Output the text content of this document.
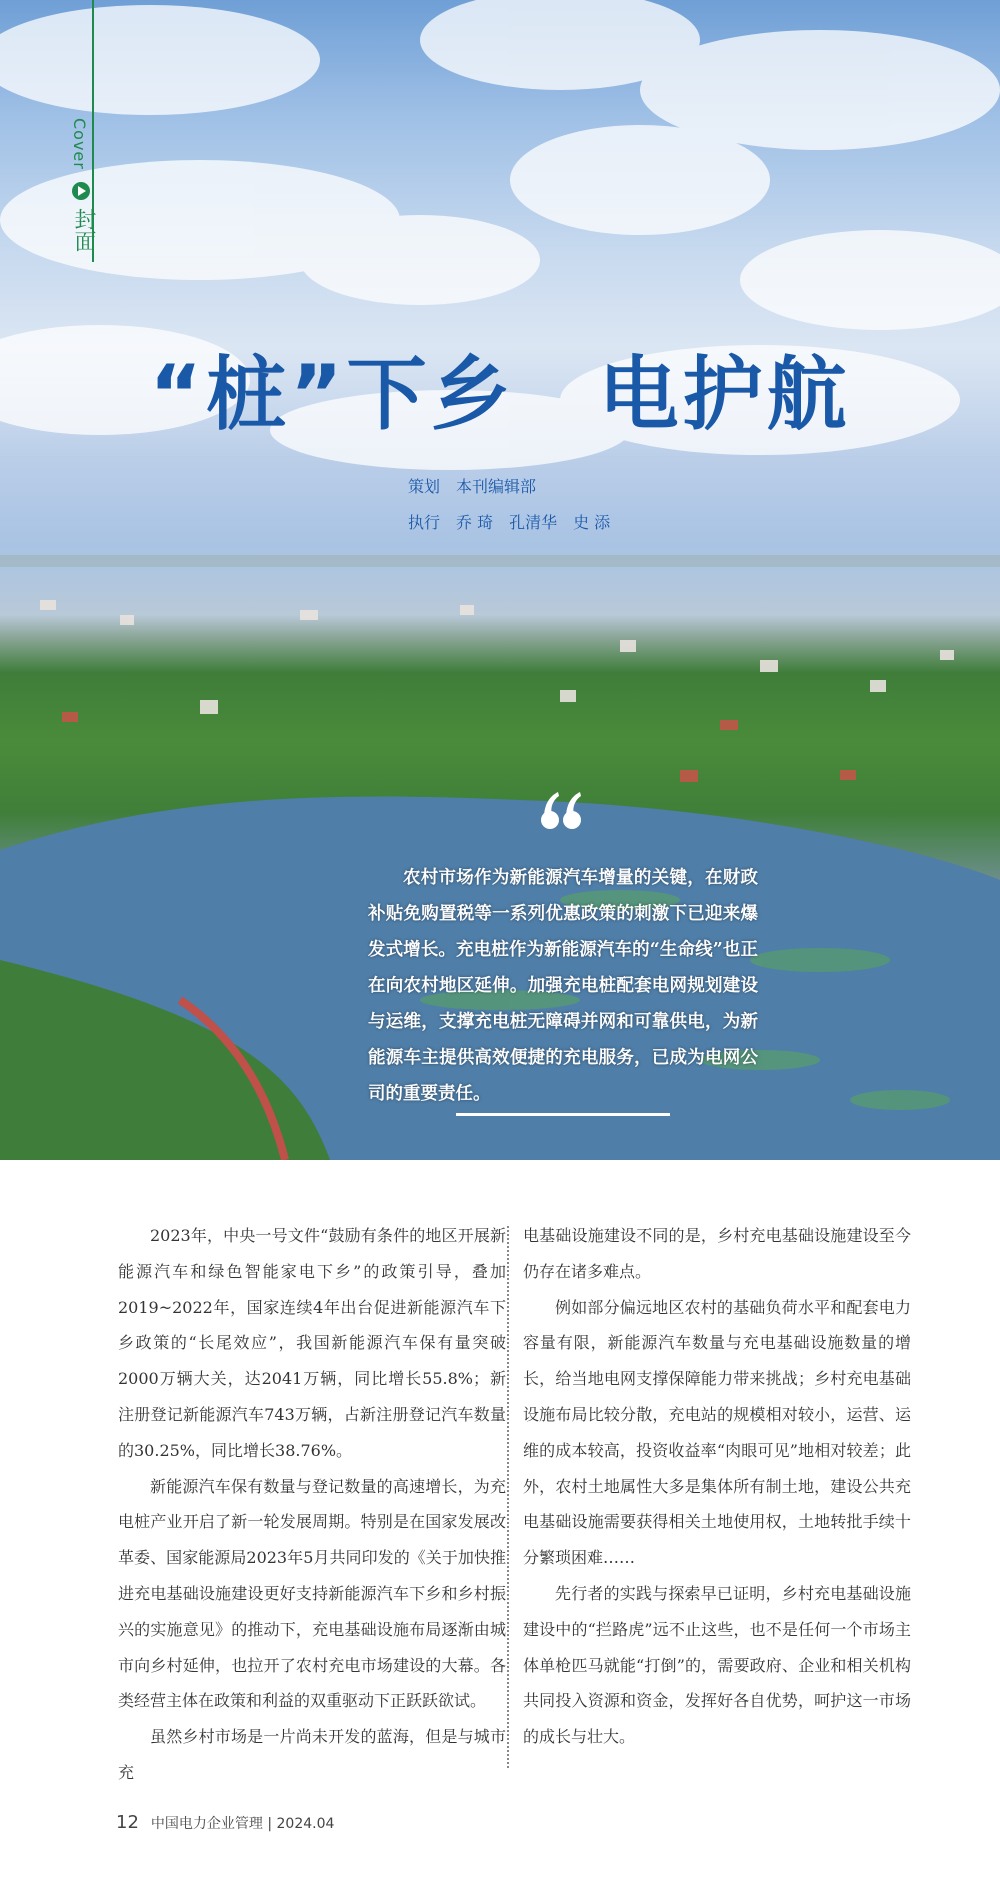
Cover
封面
“桩”下乡　电护航
策划　本刊编辑部
执行　乔 琦　孔清华　史 添
农村市场作为新能源汽车增量的关键，在财政补贴免购置税等一系列优惠政策的刺激下已迎来爆发式增长。充电桩作为新能源汽车的“生命线”也正在向农村地区延伸。加强充电桩配套电网规划建设与运维，支撑充电桩无障碍并网和可靠供电，为新能源车主提供高效便捷的充电服务，已成为电网公司的重要责任。

2023年，中央一号文件“鼓励有条件的地区开展新能源汽车和绿色智能家电下乡”的政策引导，叠加2019~2022年，国家连续4年出台促进新能源汽车下乡政策的“长尾效应”，我国新能源汽车保有量突破2000万辆大关，达2041万辆，同比增长55.8%；新注册登记新能源汽车743万辆，占新注册登记汽车数量的30.25%，同比增长38.76%。

新能源汽车保有数量与登记数量的高速增长，为充电桩产业开启了新一轮发展周期。特别是在国家发展改革委、国家能源局2023年5月共同印发的《关于加快推进充电基础设施建设更好支持新能源汽车下乡和乡村振兴的实施意见》的推动下，充电基础设施布局逐渐由城市向乡村延伸，也拉开了农村充电市场建设的大幕。各类经营主体在政策和利益的双重驱动下正跃跃欲试。

虽然乡村市场是一片尚未开发的蓝海，但是与城市充

电基础设施建设不同的是，乡村充电基础设施建设至今仍存在诸多难点。

例如部分偏远地区农村的基础负荷水平和配套电力容量有限，新能源汽车数量与充电基础设施数量的增长，给当地电网支撑保障能力带来挑战；乡村充电基础设施布局比较分散，充电站的规模相对较小，运营、运维的成本较高，投资收益率“肉眼可见”地相对较差；此外，农村土地属性大多是集体所有制土地，建设公共充电基础设施需要获得相关土地使用权，土地转批手续十分繁琐困难……

先行者的实践与探索早已证明，乡村充电基础设施建设中的“拦路虎”远不止这些，也不是任何一个市场主体单枪匹马就能“打倒”的，需要政府、企业和相关机构共同投入资源和资金，发挥好各自优势，呵护这一市场的成长与壮大。

12 中国电力企业管理 | 2024.04
